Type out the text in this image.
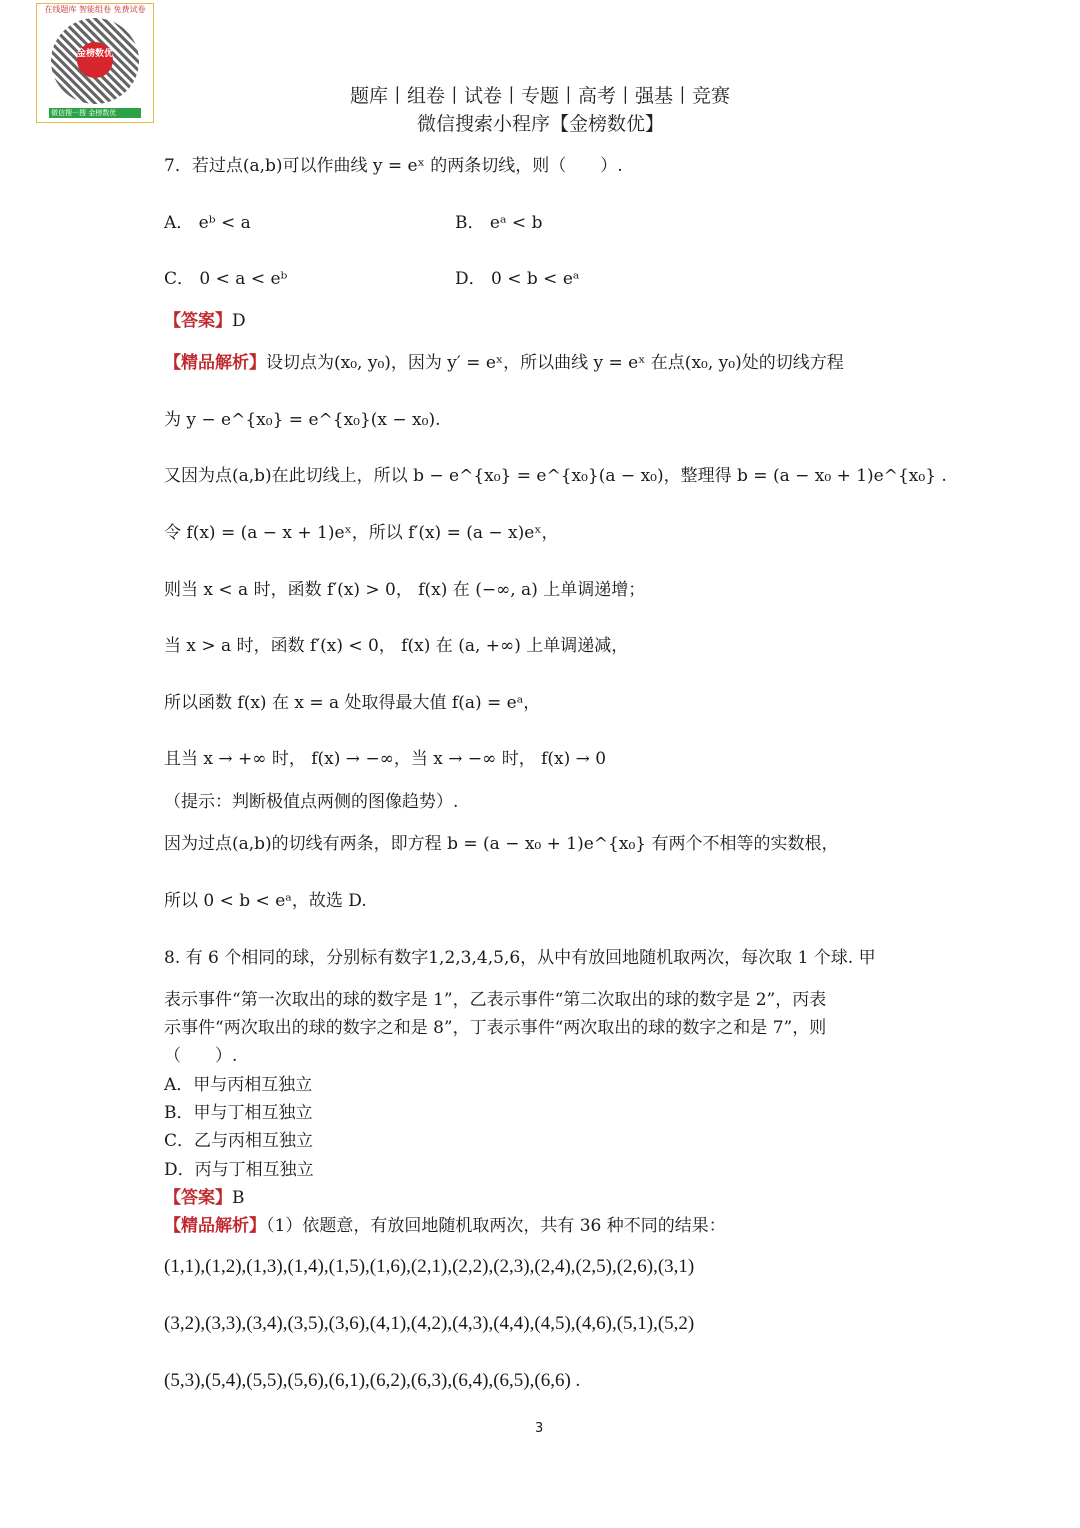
在线题库 智能组卷 免费试卷
金榜数优
微信搜一搜 金榜数优
题库丨组卷丨试卷丨专题丨高考丨强基丨竞赛
微信搜索小程序【金榜数优】
7．若过点(a,b)可以作曲线 y = eˣ 的两条切线，则（　　）.
A． eᵇ < a	B． eᵃ < b
C． 0 < a < eᵇ	D． 0 < b < eᵃ
【答案】D
【精品解析】设切点为(x₀, y₀)，因为 y′ = eˣ，所以曲线 y = eˣ 在点(x₀, y₀)处的切线方程
为 y − e^{x₀} = e^{x₀}(x − x₀).
又因为点(a,b)在此切线上，所以 b − e^{x₀} = e^{x₀}(a − x₀)，整理得 b = (a − x₀ + 1)e^{x₀} .
令 f(x) = (a − x + 1)eˣ，所以 f′(x) = (a − x)eˣ，
则当 x < a 时，函数 f′(x) > 0， f(x) 在 (−∞, a) 上单调递增；
当 x > a 时，函数 f′(x) < 0， f(x) 在 (a, +∞) 上单调递减，
所以函数 f(x) 在 x = a 处取得最大值 f(a) = eᵃ，
且当 x → +∞ 时， f(x) → −∞，当 x → −∞ 时， f(x) → 0
（提示：判断极值点两侧的图像趋势）.
因为过点(a,b)的切线有两条，即方程 b = (a − x₀ + 1)e^{x₀} 有两个不相等的实数根，
所以 0 < b < eᵃ，故选 D.
8. 有 6 个相同的球，分别标有数字1,2,3,4,5,6，从中有放回地随机取两次，每次取 1 个球. 甲
表示事件“第一次取出的球的数字是 1”，乙表示事件“第二次取出的球的数字是 2”，丙表
示事件“两次取出的球的数字之和是 8”，丁表示事件“两次取出的球的数字之和是 7”，则
（　　）.
A．甲与丙相互独立
B．甲与丁相互独立
C．乙与丙相互独立
D．丙与丁相互独立
【答案】B
【精品解析】（1）依题意，有放回地随机取两次，共有 36 种不同的结果：
(1,1),(1,2),(1,3),(1,4),(1,5),(1,6),(2,1),(2,2),(2,3),(2,4),(2,5),(2,6),(3,1)
(3,2),(3,3),(3,4),(3,5),(3,6),(4,1),(4,2),(4,3),(4,4),(4,5),(4,6),(5,1),(5,2)
(5,3),(5,4),(5,5),(5,6),(6,1),(6,2),(6,3),(6,4),(6,5),(6,6) .
3
